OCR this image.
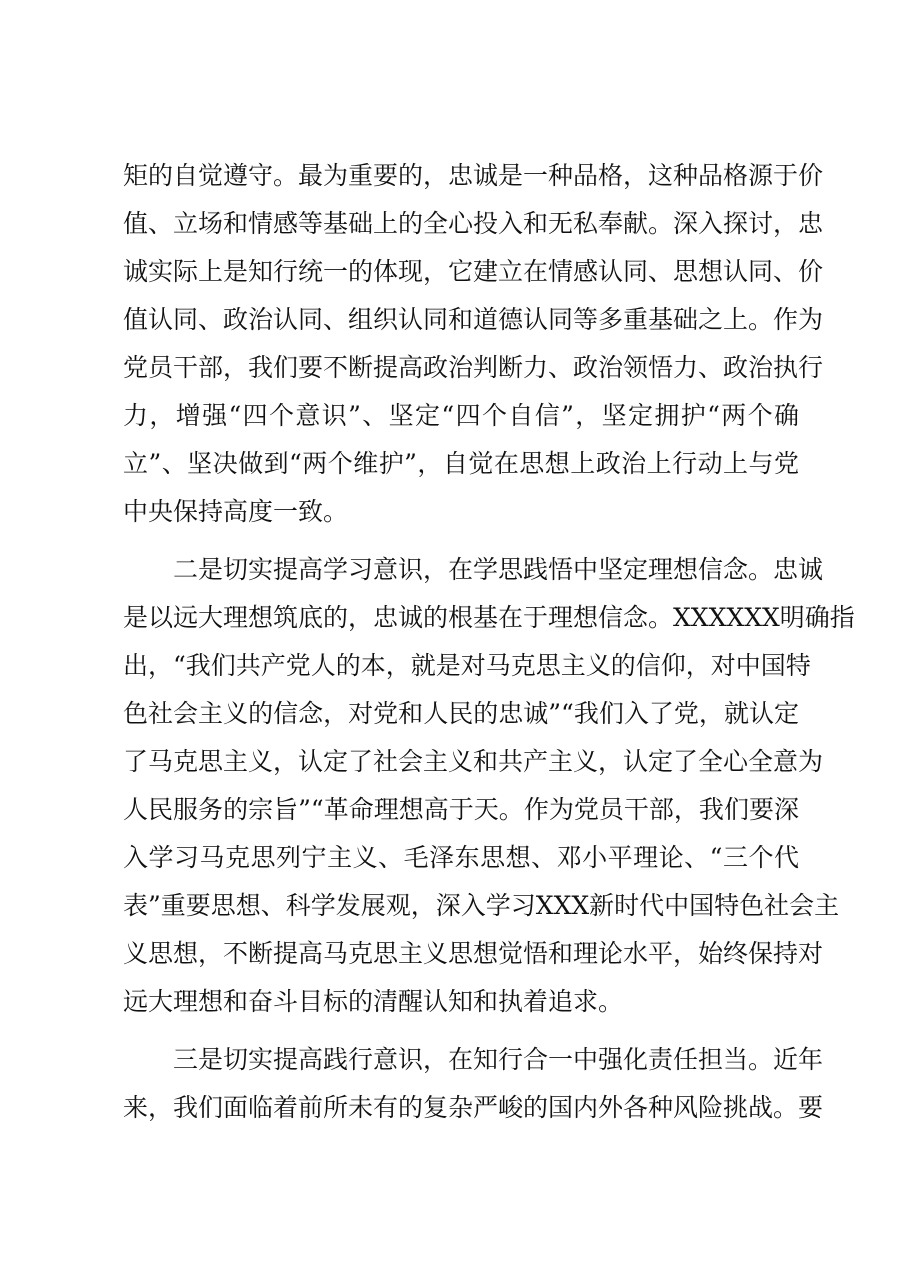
矩的自觉遵守。最为重要的，忠诚是一种品格，这种品格源于价
值、立场和情感等基础上的全心投入和无私奉献。深入探讨，忠
诚实际上是知行统一的体现，它建立在情感认同、思想认同、价
值认同、政治认同、组织认同和道德认同等多重基础之上。作为
党员干部，我们要不断提高政治判断力、政治领悟力、政治执行
力，增强“四个意识”、坚定“四个自信”，坚定拥护“两个确
立”、坚决做到“两个维护”，自觉在思想上政治上行动上与党
中央保持高度一致。
二是切实提高学习意识，在学思践悟中坚定理想信念。忠诚
是以远大理想筑底的，忠诚的根基在于理想信念。XXXXXX明确指
出，“我们共产党人的本，就是对马克思主义的信仰，对中国特
色社会主义的信念，对党和人民的忠诚”“我们入了党，就认定
了马克思主义，认定了社会主义和共产主义，认定了全心全意为
人民服务的宗旨”“革命理想高于天。作为党员干部，我们要深
入学习马克思列宁主义、毛泽东思想、邓小平理论、“三个代
表”重要思想、科学发展观，深入学习XXX新时代中国特色社会主
义思想，不断提高马克思主义思想觉悟和理论水平，始终保持对
远大理想和奋斗目标的清醒认知和执着追求。
三是切实提高践行意识，在知行合一中强化责任担当。近年
来，我们面临着前所未有的复杂严峻的国内外各种风险挑战。要
